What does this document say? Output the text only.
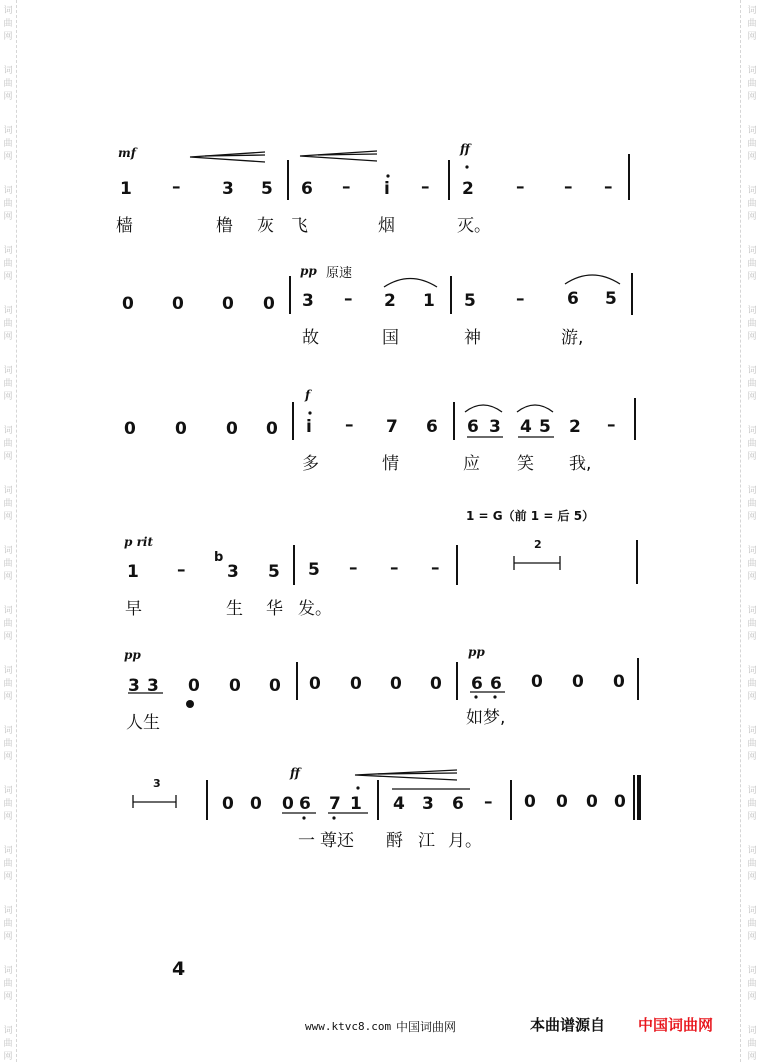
词
曲
网
词
曲
网
词
曲
网
词
曲
网
词
曲
网
词
曲
网
词
曲
网
词
曲
网
词
曲
网
词
曲
网
词
曲
网
词
曲
网
词
曲
网
词
曲
网
词
曲
网
词
曲
网
词
曲
网
词
曲
网
词
曲
网
词
曲
网
词
曲
网
词
曲
网
词
曲
网
词
曲
网
词
曲
网
词
曲
网
词
曲
网
词
曲
网
词
曲
网
词
曲
网
词
曲
网
词
曲
网
词
曲
网
词
曲
网
词
曲
网
词
曲
网
mf	ff
1 – 3 5 6 – i – 2 – – –
樯	橹 灰 飞	烟	灭。
pp 原速
0 0 0 0 3 – 2 1 5 –	6 5
故	国	神	游,
f
0 0 0 0 i – 7 6 6 3 4 5 2 –
多	情	应 笑 我,
1 = G（前 1 = 后 5）
p rit
b
1 – 3 5 5 – – –
2
早	生 华 发。
pp	pp
3 3 0 0 0 0 0 0 0 6 6 0 0 0
人生	如梦,
3
ff
0 0 0 6 7 1 4 3 6 – 0 0 0 0
一 尊还 酹 江 月。
4
www.ktvc8.com 中国词曲网	本曲谱源自 中国词曲网
